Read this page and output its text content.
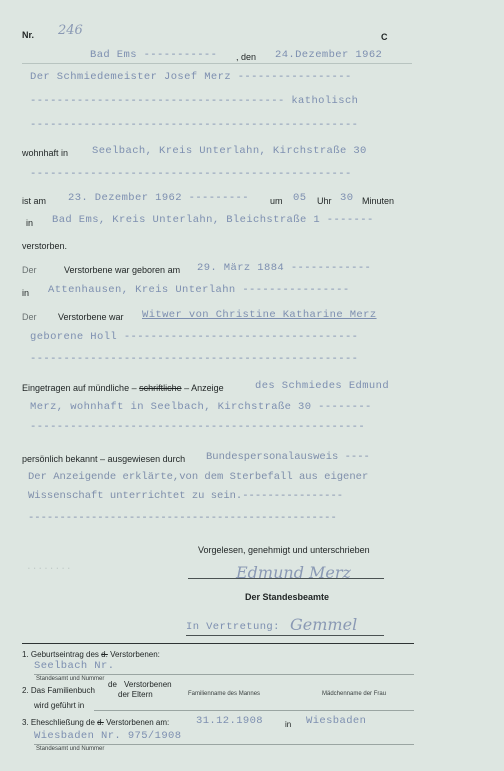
Nr. 246	C
Bad Ems ----------- , den 24.Dezember 1962
Der Schmiedemeister Josef Merz -----------------
-------------------------------------- katholisch
-------------------------------------------------
wohnhaft in Seelbach, Kreis Unterlahn, Kirchstraße 30
------------------------------------------------
ist am 23. Dezember 1962 --------- um 05 Uhr 30 Minuten
in Bad Ems, Kreis Unterlahn, Bleichstraße 1 -------
verstorben.
Der	Verstorbene war geboren am 29. März 1884 ------------
in Attenhausen, Kreis Unterlahn ----------------
Der Verstorbene war Witwer von Christine Katharine Merz
geborene Holl -----------------------------------
-------------------------------------------------
Eingetragen auf mündliche – schriftliche – Anzeige	des Schmiedes Edmund
Merz, wohnhaft in Seelbach, Kirchstraße 30 --------
--------------------------------------------------
persönlich bekannt – ausgewiesen durch Bundespersonalausweis ----
Der Anzeigende erklärte,von dem Sterbefall aus eigener
Wissenschaft unterrichtet zu sein.----------------
-------------------------------------------------
Vorgelesen, genehmigt und unterschrieben
........	Edmund Merz
Der Standesbeamte
In Vertretung: Gemmel
1. Geburtseintrag des d. Verstorbenen:
Seelbach Nr.
Standesamt und Nummer
2. Das Familienbuch
de Verstorbenen
der Eltern	Familienname des Mannes	Mädchenname der Frau
wird geführt in
3. Eheschließung de d. Verstorbenen am:	31.12.1908	in Wiesbaden
Wiesbaden Nr. 975/1908
Standesamt und Nummer
